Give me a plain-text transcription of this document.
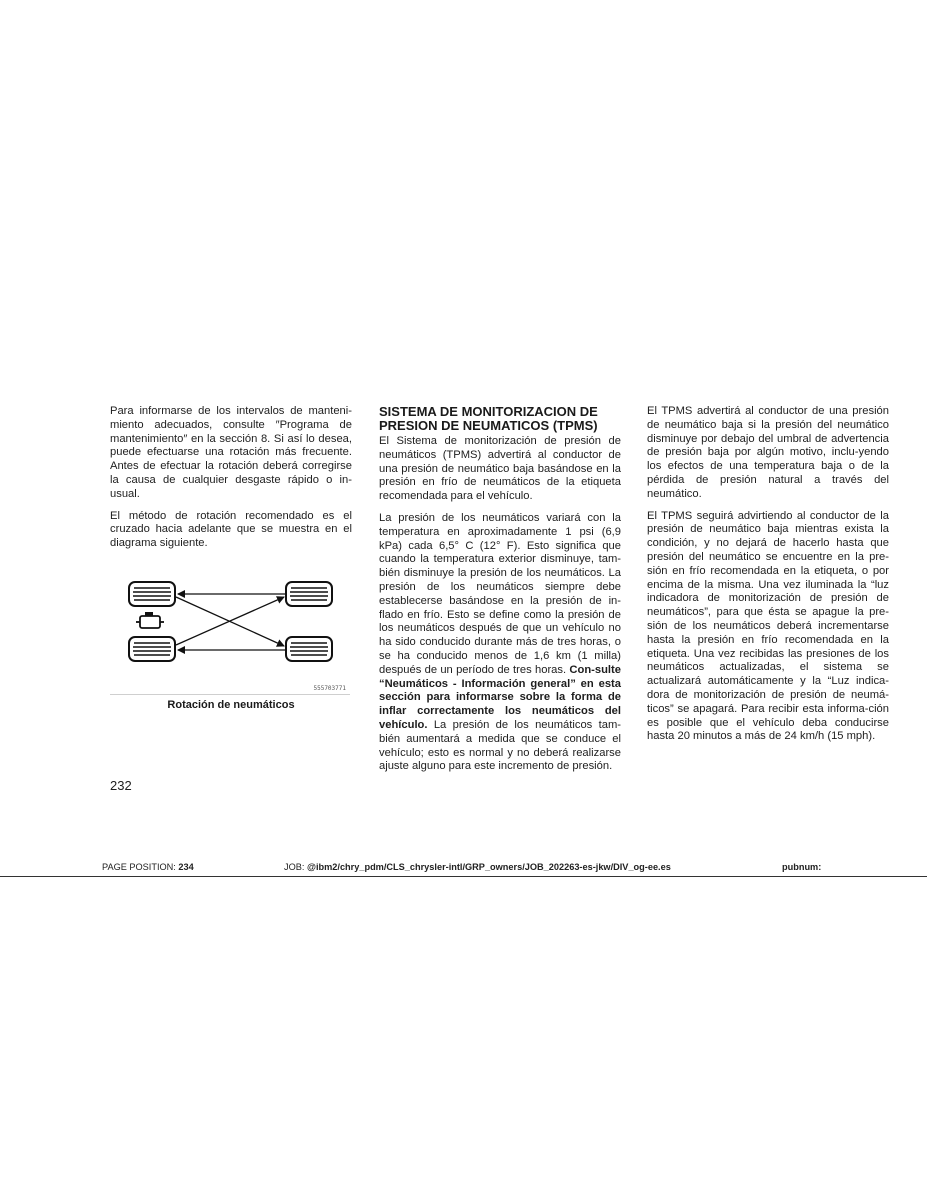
Para informarse de los intervalos de manteni-miento adecuados, consulte ″Programa de mantenimiento″ en la sección 8. Si así lo desea, puede efectuarse una rotación más frecuente. Antes de efectuar la rotación deberá corregirse la causa de cualquier desgaste rápido o in-usual.

El método de rotación recomendado es el cruzado hacia adelante que se muestra en el diagrama siguiente.

555703771
Rotación de neumáticos
SISTEMA DE MONITORIZACION DE PRESION DE NEUMATICOS (TPMS)

El Sistema de monitorización de presión de neumáticos (TPMS) advertirá al conductor de una presión de neumático baja basándose en la presión en frío de neumáticos de la etiqueta recomendada para el vehículo.

La presión de los neumáticos variará con la temperatura en aproximadamente 1 psi (6,9 kPa) cada 6,5° C (12° F). Esto significa que cuando la temperatura exterior disminuye, tam-bién disminuye la presión de los neumáticos. La presión de los neumáticos siempre debe establecerse basándose en la presión de in-flado en frío. Esto se define como la presión de los neumáticos después de que un vehículo no ha sido conducido durante más de tres horas, o se ha conducido menos de 1,6 km (1 milla) después de un período de tres horas. Con-sulte “Neumáticos - Información general” en esta sección para informarse sobre la forma de inflar correctamente los neumáticos del vehículo. La presión de los neumáticos tam-bién aumentará a medida que se conduce el vehículo; esto es normal y no deberá realizarse ajuste alguno para este incremento de presión.

El TPMS advertirá al conductor de una presión de neumático baja si la presión del neumático disminuye por debajo del umbral de advertencia de presión baja por algún motivo, inclu-yendo los efectos de una temperatura baja o de la pérdida de presión natural a través del neumático.

El TPMS seguirá advirtiendo al conductor de la presión de neumático baja mientras exista la condición, y no dejará de hacerlo hasta que presión del neumático se encuentre en la pre-sión en frío recomendada en la etiqueta, o por encima de la misma. Una vez iluminada la “luz indicadora de monitorización de presión de neumáticos”, para que ésta se apague la pre-sión de los neumáticos deberá incrementarse hasta la presión en frío recomendada en la etiqueta. Una vez recibidas las presiones de los neumáticos actualizadas, el sistema se actualizará automáticamente y la “Luz indica-dora de monitorización de presión de neumá-ticos” se apagará. Para recibir esta informa-ción es posible que el vehículo deba conducirse hasta 20 minutos a más de 24 km/h (15 mph).

232
PAGE POSITION: 234	JOB: @ibm2/chry_pdm/CLS_chrysler-intl/GRP_owners/JOB_202263-es-jkw/DIV_og-ee.es	pubnum:
